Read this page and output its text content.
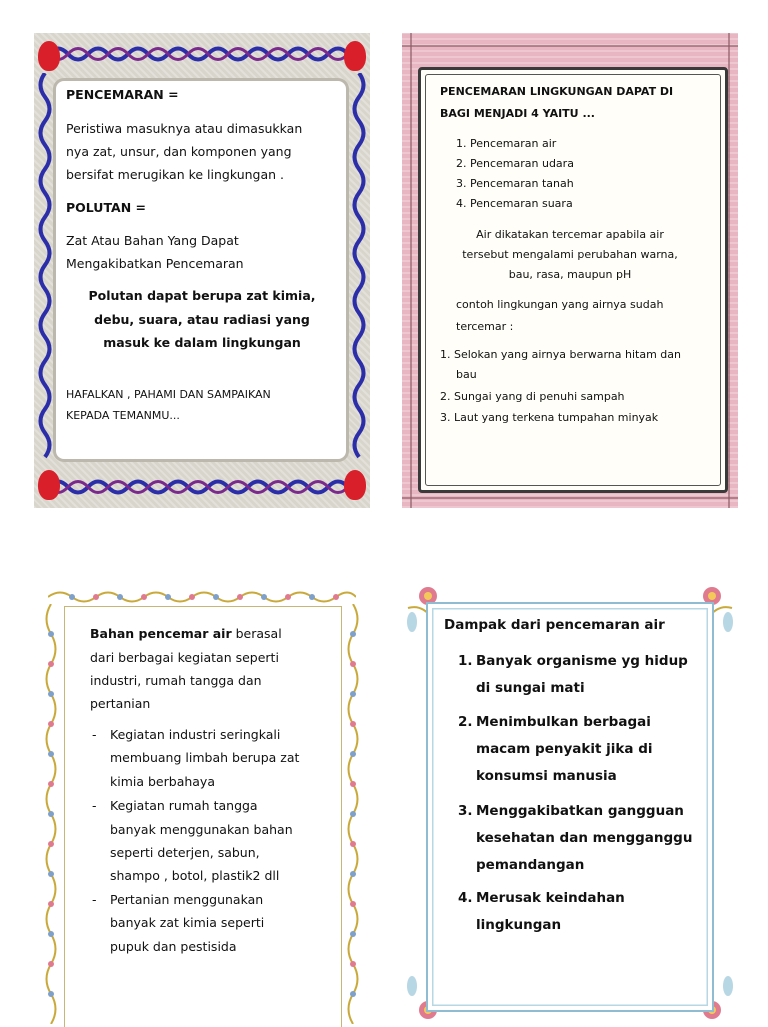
PENCEMARAN =
Peristiwa masuknya atau dimasukkan
nya zat, unsur, dan komponen yang
bersifat merugikan ke lingkungan .
POLUTAN =
Zat Atau Bahan Yang Dapat
Mengakibatkan Pencemaran
Polutan dapat berupa zat kimia,
debu, suara, atau radiasi yang
masuk ke dalam lingkungan
HAFALKAN , PAHAMI DAN SAMPAIKAN
KEPADA TEMANMU...
PENCEMARAN LINGKUNGAN DAPAT DI
BAGI MENJADI 4 YAITU ...
1. Pencemaran air
2. Pencemaran udara
3. Pencemaran tanah
4. Pencemaran suara
Air dikatakan tercemar apabila air
tersebut mengalami perubahan warna,
bau, rasa, maupun pH
contoh lingkungan yang airnya sudah
tercemar :
1. Selokan yang airnya berwarna hitam dan
bau
2. Sungai yang di penuhi sampah
3. Laut yang terkena tumpahan minyak
Bahan pencemar air berasal
dari berbagai kegiatan seperti
industri, rumah tangga dan
pertanian
- Kegiatan industri seringkali
membuang limbah berupa zat
kimia berbahaya
- Kegiatan rumah tangga
banyak menggunakan bahan
seperti deterjen, sabun,
shampo , botol, plastik2 dll
- Pertanian menggunakan
banyak zat kimia seperti
pupuk dan pestisida
Dampak dari pencemaran air
1. Banyak organisme yg hidup
di sungai mati
2. Menimbulkan berbagai
macam penyakit jika di
konsumsi manusia
3. Menggakibatkan gangguan
kesehatan dan mengganggu
pemandangan
4. Merusak keindahan
lingkungan
